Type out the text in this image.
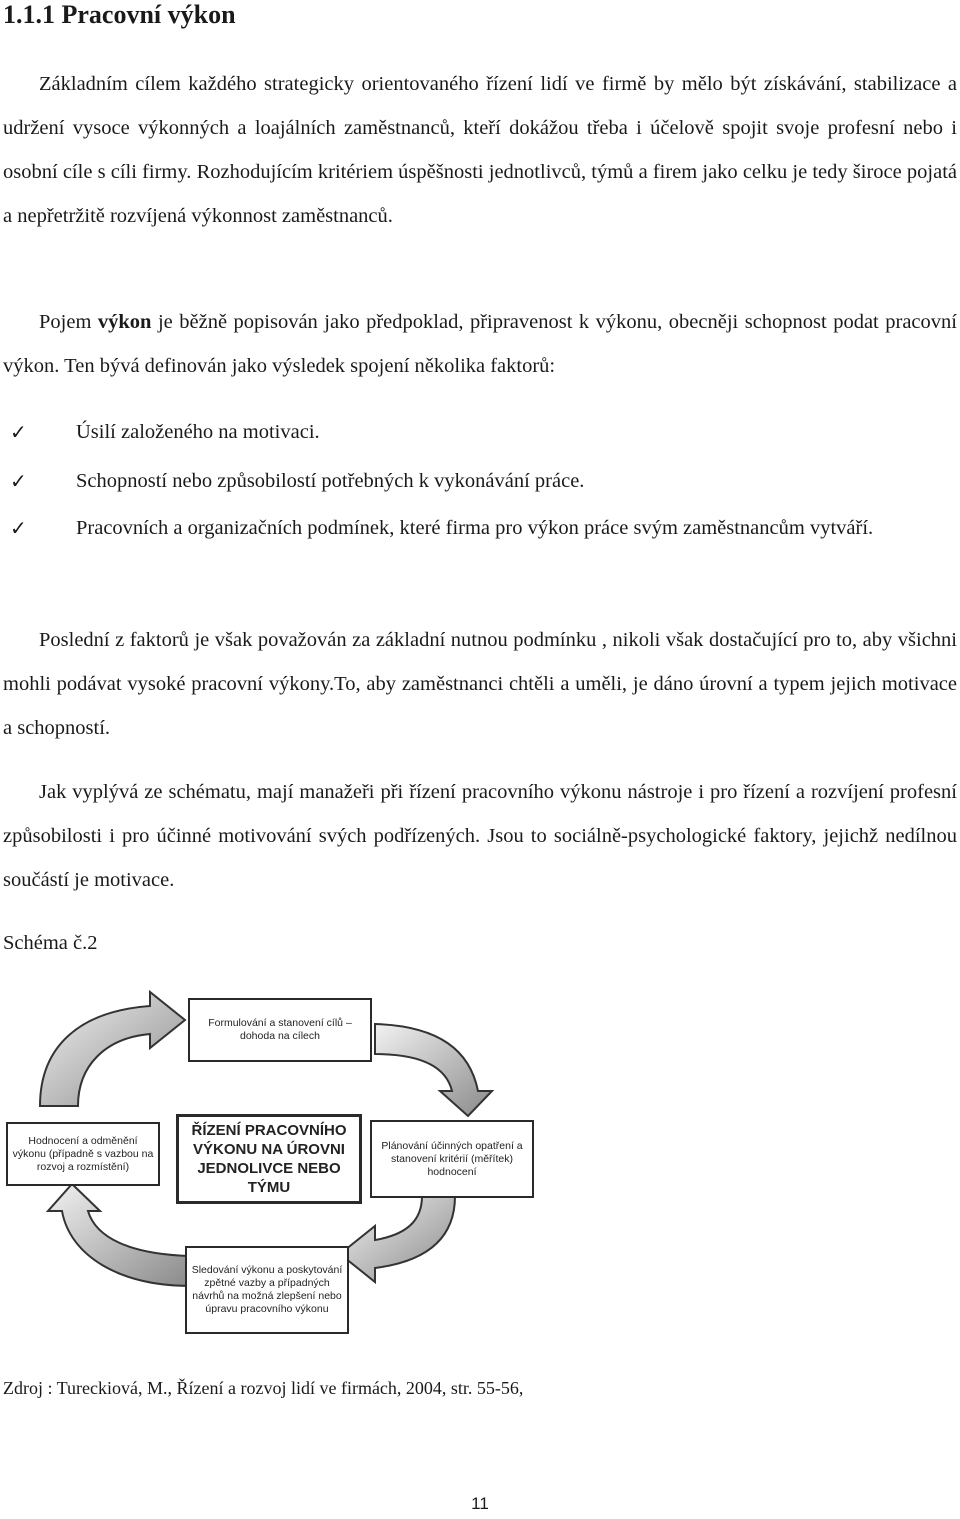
1.1.1 Pracovní výkon

Základním cílem každého strategicky orientovaného řízení lidí ve firmě by mělo být získávání, stabilizace a udržení vysoce výkonných a loajálních zaměstnanců, kteří dokážou třeba i účelově spojit svoje profesní nebo i osobní cíle s cíli firmy. Rozhodujícím kritériem úspěšnosti jednotlivců, týmů a firem jako celku je tedy široce pojatá a nepřetržitě rozvíjená výkonnost zaměstnanců.

Pojem výkon je běžně popisován jako předpoklad, připravenost k výkonu, obecněji schopnost podat pracovní výkon. Ten bývá definován jako výsledek spojení několika faktorů:

✓ Úsilí založeného na motivaci.
✓ Schopností nebo způsobilostí potřebných k vykonávání práce.
✓ Pracovních a organizačních podmínek, které firma pro výkon práce svým zaměstnancům vytváří.

Poslední z faktorů je však považován za základní nutnou podmínku , nikoli však dostačující pro to, aby všichni mohli podávat vysoké pracovní výkony.To, aby zaměstnanci chtěli a uměli, je dáno úrovní a typem jejich motivace a schopností.

Jak vyplývá ze schématu, mají manažeři při řízení pracovního výkonu nástroje i pro řízení a rozvíjení profesní způsobilosti i pro účinné motivování svých podřízených. Jsou to sociálně-psychologické faktory, jejichž nedílnou součástí je motivace.

Schéma č.2

Formulování a stanovení cílů – dohoda na cílech
Hodnocení a odměnění výkonu (případně s vazbou na rozvoj a rozmístění)
ŘÍZENÍ PRACOVNÍHO VÝKONU NA ÚROVNI JEDNOLIVCE NEBO TÝMU
Plánování účinných opatření a stanovení kritérií (měřítek) hodnocení
Sledování výkonu a poskytování zpětné vazby a případných návrhů na možná zlepšení nebo úpravu pracovního výkonu

Zdroj : Tureckiová, M., Řízení a rozvoj lidí ve firmách, 2004, str. 55-56,

11
